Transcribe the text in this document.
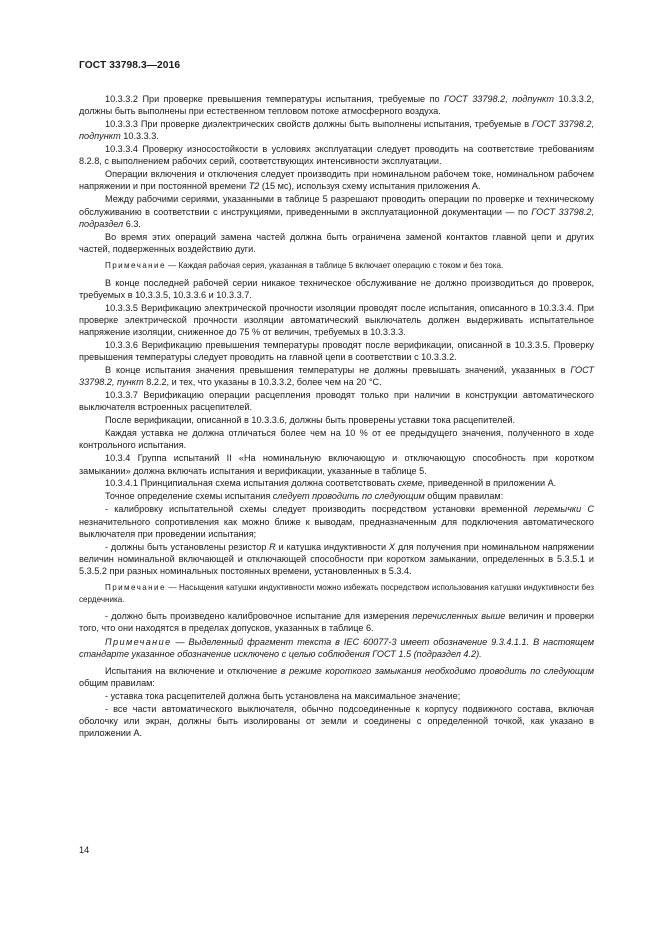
ГОСТ 33798.3—2016

10.3.3.2 При проверке превышения температуры испытания, требуемые по ГОСТ 33798.2, подпункт 10.3.3.2, должны быть выполнены при естественном тепловом потоке атмосферного воздуха.

10.3.3.3 При проверке диэлектрических свойств должны быть выполнены испытания, требуемые в ГОСТ 33798.2, подпункт 10.3.3.3.

10.3.3.4 Проверку износостойкости в условиях эксплуатации следует проводить на соответствие требованиям 8.2.8, с выполнением рабочих серий, соответствующих интенсивности эксплуатации.

Операции включения и отключения следует производить при номинальном рабочем токе, номинальном рабочем напряжении и при постоянной времени T2 (15 мс), используя схему испытания приложения А.

Между рабочими сериями, указанными в таблице 5 разрешают проводить операции по проверке и техническому обслуживанию в соответствии с инструкциями, приведенными в эксплуатационной документации — по ГОСТ 33798.2, подраздел 6.3.

Во время этих операций замена частей должна быть ограничена заменой контактов главной цепи и других частей, подверженных воздействию дуги.

Примечание — Каждая рабочая серия, указанная в таблице 5 включает операцию с током и без тока.

В конце последней рабочей серии никакое техническое обслуживание не должно производиться до проверок, требуемых в 10.3.3.5, 10.3.3.6 и 10.3.3.7.

10.3.3.5 Верификацию электрической прочности изоляции проводят после испытания, описанного в 10.3.3.4. При проверке электрической прочности изоляции автоматический выключатель должен выдерживать испытательное напряжение изоляции, сниженное до 75 % от величин, требуемых в 10.3.3.3.

10.3.3.6 Верификацию превышения температуры проводят после верификации, описанной в 10.3.3.5. Проверку превышения температуры следует проводить на главной цепи в соответствии с 10.3.3.2.

В конце испытания значения превышения температуры не должны превышать значений, указанных в ГОСТ 33798.2, пункт 8.2.2, и тех, что указаны в 10.3.3.2, более чем на 20 °C.

10.3.3.7 Верификацию операции расцепления проводят только при наличии в конструкции автоматического выключателя встроенных расцепителей.

После верификации, описанной в 10.3.3.6, должны быть проверены уставки тока расцепителей.

Каждая уставка не должна отличаться более чем на 10 % от ее предыдущего значения, полученного в ходе контрольного испытания.

10.3.4 Группа испытаний II «На номинальную включающую и отключающую способность при коротком замыкании» должна включать испытания и верификации, указанные в таблице 5.

10.3.4.1 Принципиальная схема испытания должна соответствовать схеме, приведенной в приложении А.

Точное определение схемы испытания следует проводить по следующим общим правилам:

- калибровку испытательной схемы следует производить посредством установки временной перемычки C незначительного сопротивления как можно ближе к выводам, предназначенным для подключения автоматического выключателя при проведении испытания;

- должны быть установлены резистор R и катушка индуктивности X для получения при номинальном напряжении величин номинальной включающей и отключающей способности при коротком замыкании, определенных в 5.3.5.1 и 5.3.5.2 при разных номинальных постоянных времени, установленных в 5.3.4.

Примечание — Насыщения катушки индуктивности можно избежать посредством использования катушки индуктивности без сердечника.

- должно быть произведено калибровочное испытание для измерения перечисленных выше величин и проверки того, что они находятся в пределах допусков, указанных в таблице 6.

Примечание — Выделенный фрагмент текста в IEC 60077-3 имеет обозначение 9.3.4.1.1. В настоящем стандарте указанное обозначение исключено с целью соблюдения ГОСТ 1.5 (подраздел 4.2).

Испытания на включение и отключение в режиме короткого замыкания необходимо проводить по следующим общим правилам:

- уставка тока расцепителей должна быть установлена на максимальное значение;

- все части автоматического выключателя, обычно подсоединенные к корпусу подвижного состава, включая оболочку или экран, должны быть изолированы от земли и соединены с определенной точкой, как указано в приложении А.

14
